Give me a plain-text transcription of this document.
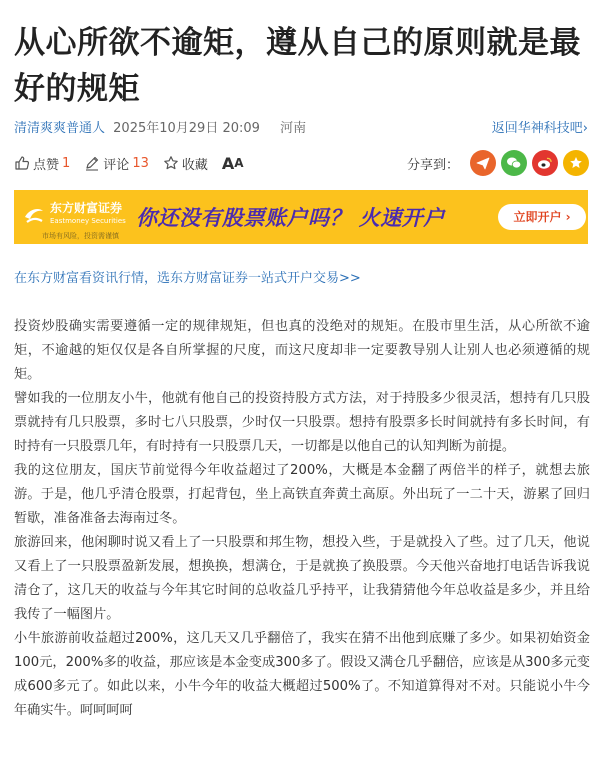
从心所欲不逾矩，遵从自己的原则就是最好的规矩
清清爽爽普通人 2025年10月29日 20:09 河南	返回华神科技吧›
点赞 1	评论 13	收藏 A A	分享到：
东方财富证券
Eastmoney Securities 你还没有股票账户吗？ 火速开户	立即开户 ›
市场有风险，投资需谨慎
在东方财富看资讯行情，选东方财富证券一站式开户交易>>

投资炒股确实需要遵循一定的规律规矩，但也真的没绝对的规矩。在股市里生活，从心所欲不逾矩，不逾越的矩仅仅是各自所掌握的尺度，而这尺度却非一定要教导别人让别人也必须遵循的规矩。

譬如我的一位朋友小牛，他就有他自己的投资持股方式方法，对于持股多少很灵活，想持有几只股票就持有几只股票，多时七八只股票，少时仅一只股票。想持有股票多长时间就持有多长时间，有时持有一只股票几年，有时持有一只股票几天，一切都是以他自己的认知判断为前提。

我的这位朋友，国庆节前觉得今年收益超过了200%，大概是本金翻了两倍半的样子，就想去旅游。于是，他几乎清仓股票，打起背包，坐上高铁直奔黄土高原。外出玩了一二十天，游累了回归暂歇，准备准备去海南过冬。

旅游回来，他闲聊时说又看上了一只股票和邦生物，想投入些，于是就投入了些。过了几天，他说又看上了一只股票盈新发展，想换换，想满仓，于是就换了换股票。今天他兴奋地打电话告诉我说清仓了，这几天的收益与今年其它时间的总收益几乎持平，让我猜猜他今年总收益是多少，并且给我传了一幅图片。

小牛旅游前收益超过200%，这几天又几乎翻倍了，我实在猜不出他到底赚了多少。如果初始资金100元，200%多的收益，那应该是本金变成300多了。假设又满仓几乎翻倍，应该是从300多元变成600多元了。如此以来，小牛今年的收益大概超过500%了。不知道算得对不对。只能说小牛今年确实牛。呵呵呵呵
